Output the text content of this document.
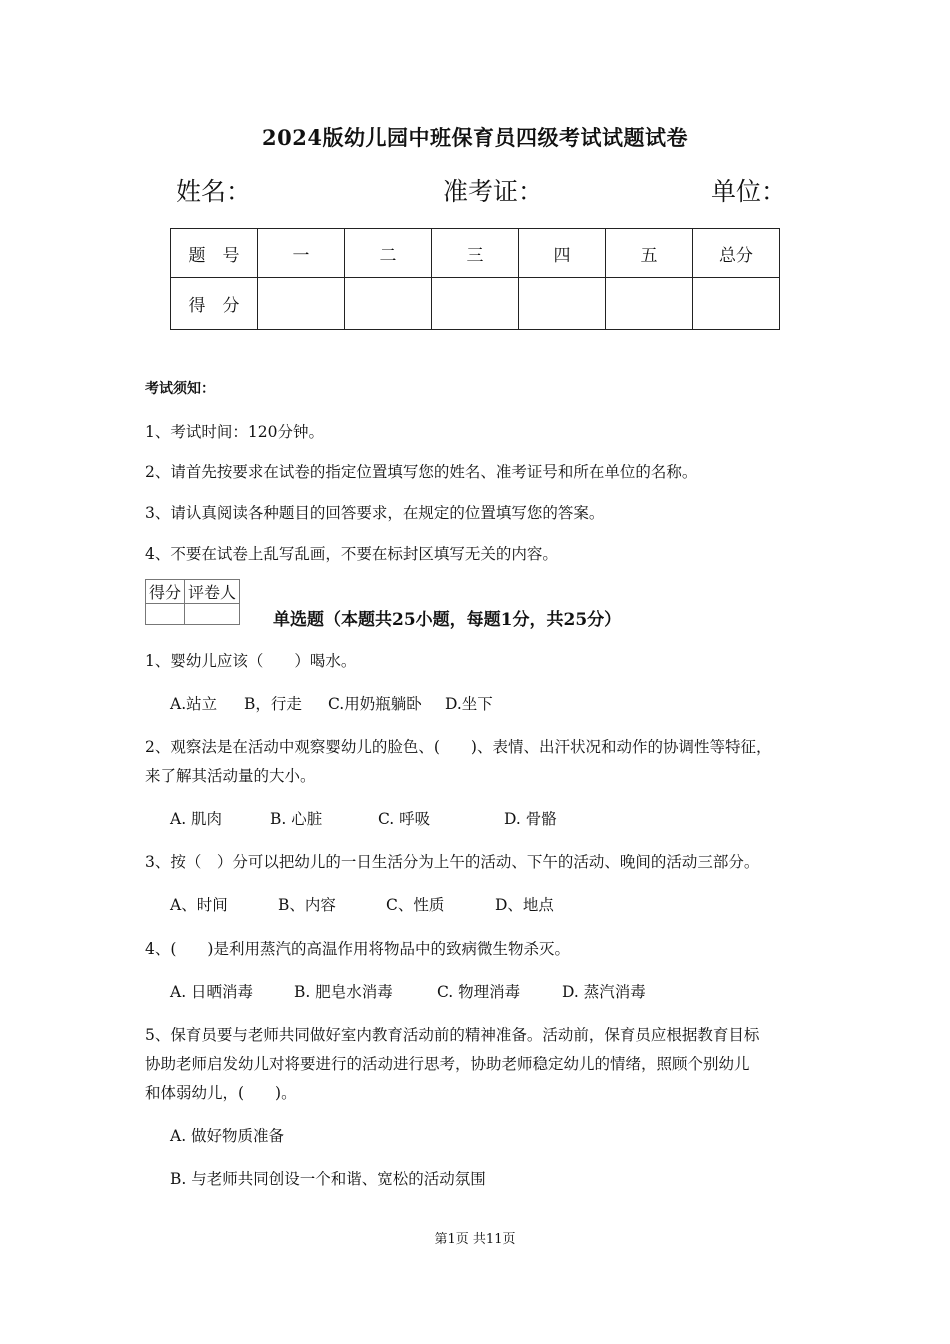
2024版幼儿园中班保育员四级考试试题试卷
姓名：	准考证：	单位：
题　号	一	二	三	四	五	总分
得　分						
考试须知：
1、考试时间：120分钟。
2、请首先按要求在试卷的指定位置填写您的姓名、准考证号和所在单位的名称。
3、请认真阅读各种题目的回答要求，在规定的位置填写您的答案。
4、不要在试卷上乱写乱画，不要在标封区填写无关的内容。
得分	评卷人

单选题（本题共25小题，每题1分，共25分）
1、婴幼儿应该（　　）喝水。
A.站立 B，行走 C.用奶瓶躺卧 D.坐下
2、观察法是在活动中观察婴幼儿的脸色、(　　)、表情、出汗状况和动作的协调性等特征，
来了解其活动量的大小。
A. 肌肉	B. 心脏	C. 呼吸	D. 骨骼
3、按（　）分可以把幼儿的一日生活分为上午的活动、下午的活动、晚间的活动三部分。
A、时间	B、内容	C、性质	D、地点
4、(　　)是利用蒸汽的高温作用将物品中的致病微生物杀灭。
A. 日晒消毒	B. 肥皂水消毒	C. 物理消毒	D. 蒸汽消毒
5、保育员要与老师共同做好室内教育活动前的精神准备。活动前，保育员应根据教育目标
协助老师启发幼儿对将要进行的活动进行思考，协助老师稳定幼儿的情绪，照顾个别幼儿
和体弱幼儿，(　　)。
A. 做好物质准备
B. 与老师共同创设一个和谐、宽松的活动氛围
第1页 共11页
